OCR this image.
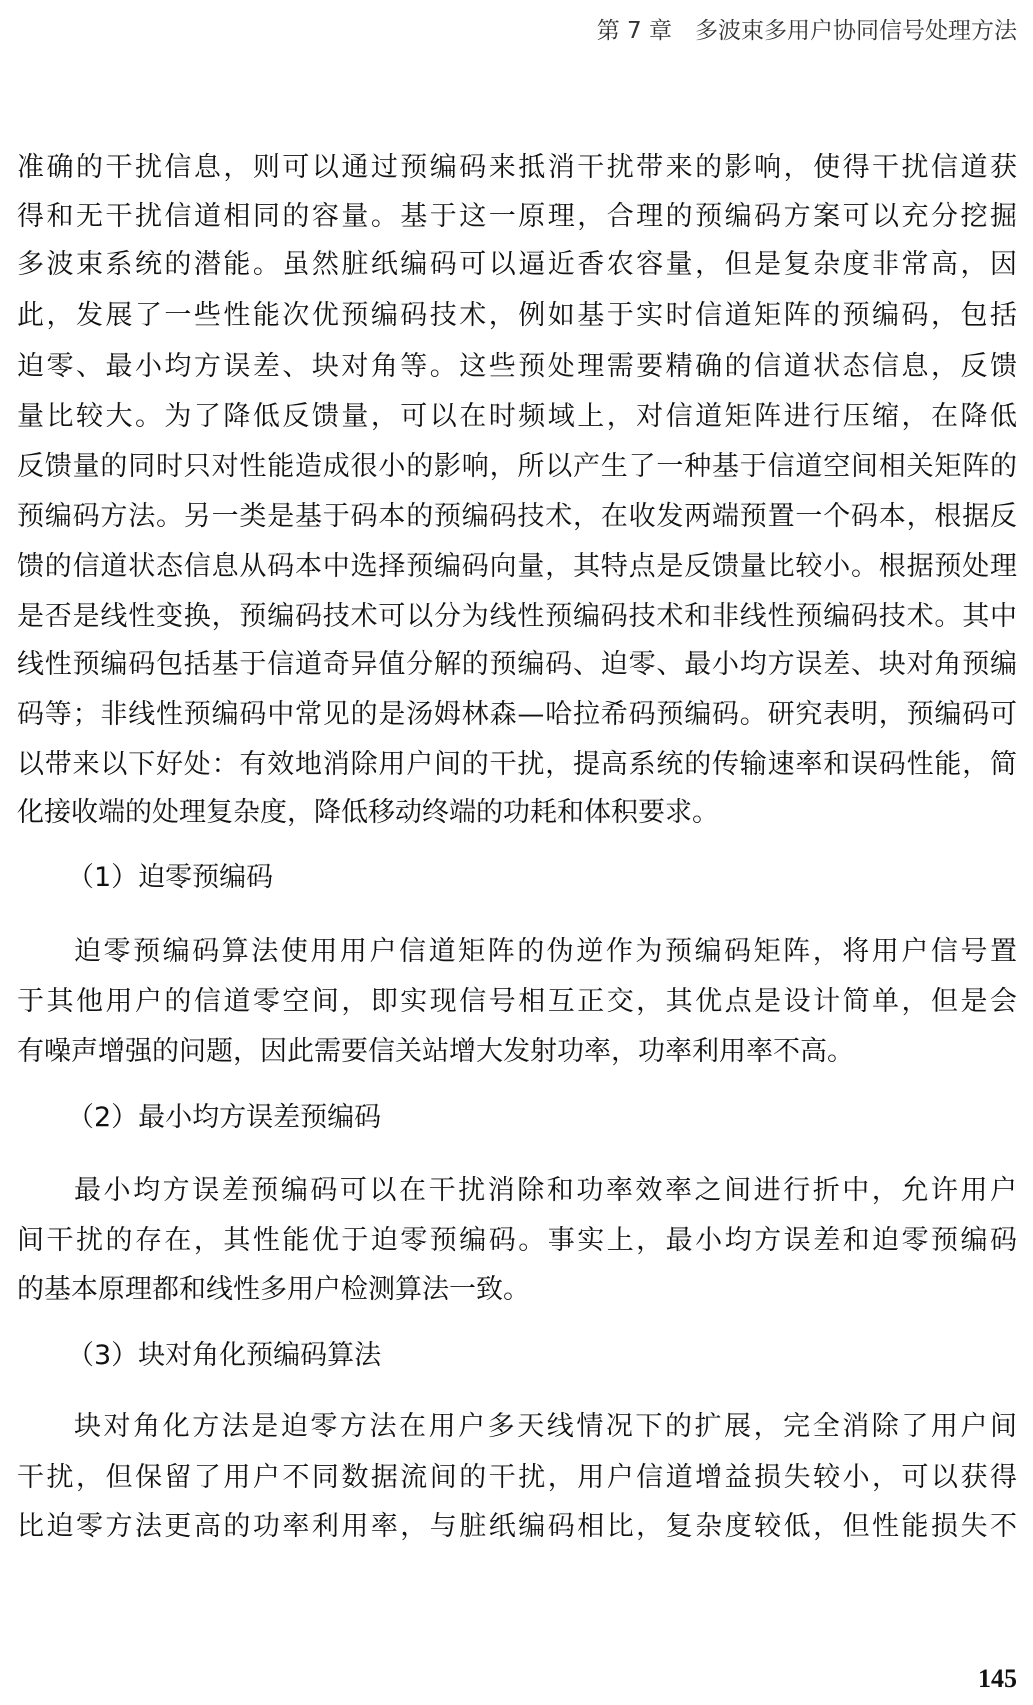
第 7 章　多波束多用户协同信号处理方法
准确的干扰信息，则可以通过预编码来抵消干扰带来的影响，使得干扰信道获
得和无干扰信道相同的容量。基于这一原理，合理的预编码方案可以充分挖掘
多波束系统的潜能。虽然脏纸编码可以逼近香农容量，但是复杂度非常高，因
此，发展了一些性能次优预编码技术，例如基于实时信道矩阵的预编码，包括
迫零、最小均方误差、块对角等。这些预处理需要精确的信道状态信息，反馈
量比较大。为了降低反馈量，可以在时频域上，对信道矩阵进行压缩，在降低
反馈量的同时只对性能造成很小的影响，所以产生了一种基于信道空间相关矩阵的
预编码方法。另一类是基于码本的预编码技术，在收发两端预置一个码本，根据反
馈的信道状态信息从码本中选择预编码向量，其特点是反馈量比较小。根据预处理
是否是线性变换，预编码技术可以分为线性预编码技术和非线性预编码技术。其中
线性预编码包括基于信道奇异值分解的预编码、迫零、最小均方误差、块对角预编
码等；非线性预编码中常见的是汤姆林森—哈拉希码预编码。研究表明，预编码可
以带来以下好处：有效地消除用户间的干扰，提高系统的传输速率和误码性能，简
化接收端的处理复杂度，降低移动终端的功耗和体积要求。
（1）迫零预编码
迫零预编码算法使用用户信道矩阵的伪逆作为预编码矩阵，将用户信号置
于其他用户的信道零空间，即实现信号相互正交，其优点是设计简单，但是会
有噪声增强的问题，因此需要信关站增大发射功率，功率利用率不高。
（2）最小均方误差预编码
最小均方误差预编码可以在干扰消除和功率效率之间进行折中，允许用户
间干扰的存在，其性能优于迫零预编码。事实上，最小均方误差和迫零预编码
的基本原理都和线性多用户检测算法一致。
（3）块对角化预编码算法
块对角化方法是迫零方法在用户多天线情况下的扩展，完全消除了用户间
干扰，但保留了用户不同数据流间的干扰，用户信道增益损失较小，可以获得
比迫零方法更高的功率利用率，与脏纸编码相比，复杂度较低，但性能损失不
145
